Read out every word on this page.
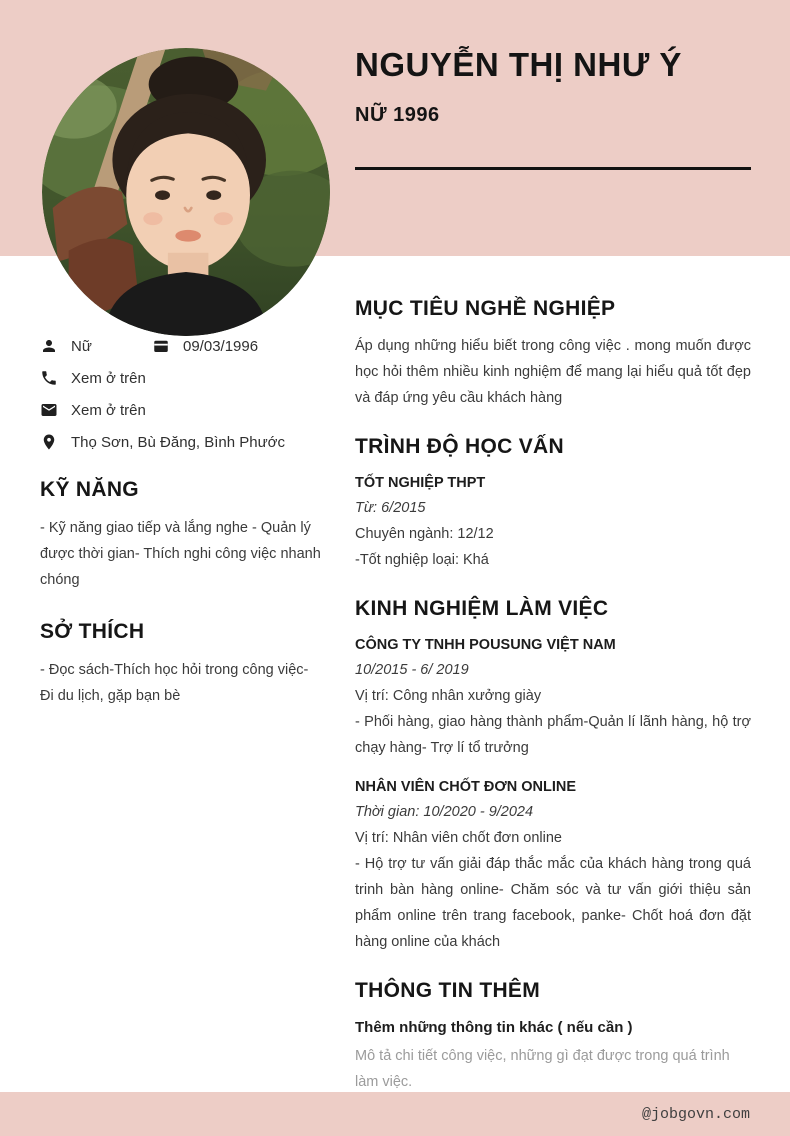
NGUYỄN THỊ NHƯ Ý
NỮ 1996
Nữ	09/03/1996
Xem ở trên
Xem ở trên
Thọ Sơn, Bù Đăng, Bình Phước
KỸ NĂNG

- Kỹ năng giao tiếp và lắng nghe - Quản lý được thời gian- Thích nghi công việc nhanh chóng

SỞ THÍCH

- Đọc sách-Thích học hỏi trong công việc- Đi du lịch, gặp bạn bè

MỤC TIÊU NGHỀ NGHIỆP

Áp dụng những hiểu biết trong công việc . mong muốn được học hỏi thêm nhiều kinh nghiệm để mang lại hiểu quả tốt đẹp và đáp ứng yêu cầu khách hàng

TRÌNH ĐỘ HỌC VẤN
TỐT NGHIỆP THPT
Từ: 6/2015
Chuyên ngành: 12/12
-Tốt nghiệp loại: Khá
KINH NGHIỆM LÀM VIỆC
CÔNG TY TNHH POUSUNG VIỆT NAM
10/2015 - 6/ 2019
Vị trí: Công nhân xưởng giày

- Phối hàng, giao hàng thành phẩm-Quản lí lãnh hàng, hộ trợ chạy hàng- Trợ lí tổ trưởng

NHÂN VIÊN CHỐT ĐƠN ONLINE
Thời gian: 10/2020 - 9/2024
Vị trí: Nhân viên chốt đơn online

- Hộ trợ tư vấn giải đáp thắc mắc của khách hàng trong quá trinh bàn hàng online- Chăm sóc và tư vấn giới thiệu sản phẩm online trên trang facebook, panke- Chốt hoá đơn đặt hàng online của khách

THÔNG TIN THÊM
Thêm những thông tin khác ( nếu cần )

Mô tả chi tiết công việc, những gì đạt được trong quá trình làm việc.

@jobgovn.com
